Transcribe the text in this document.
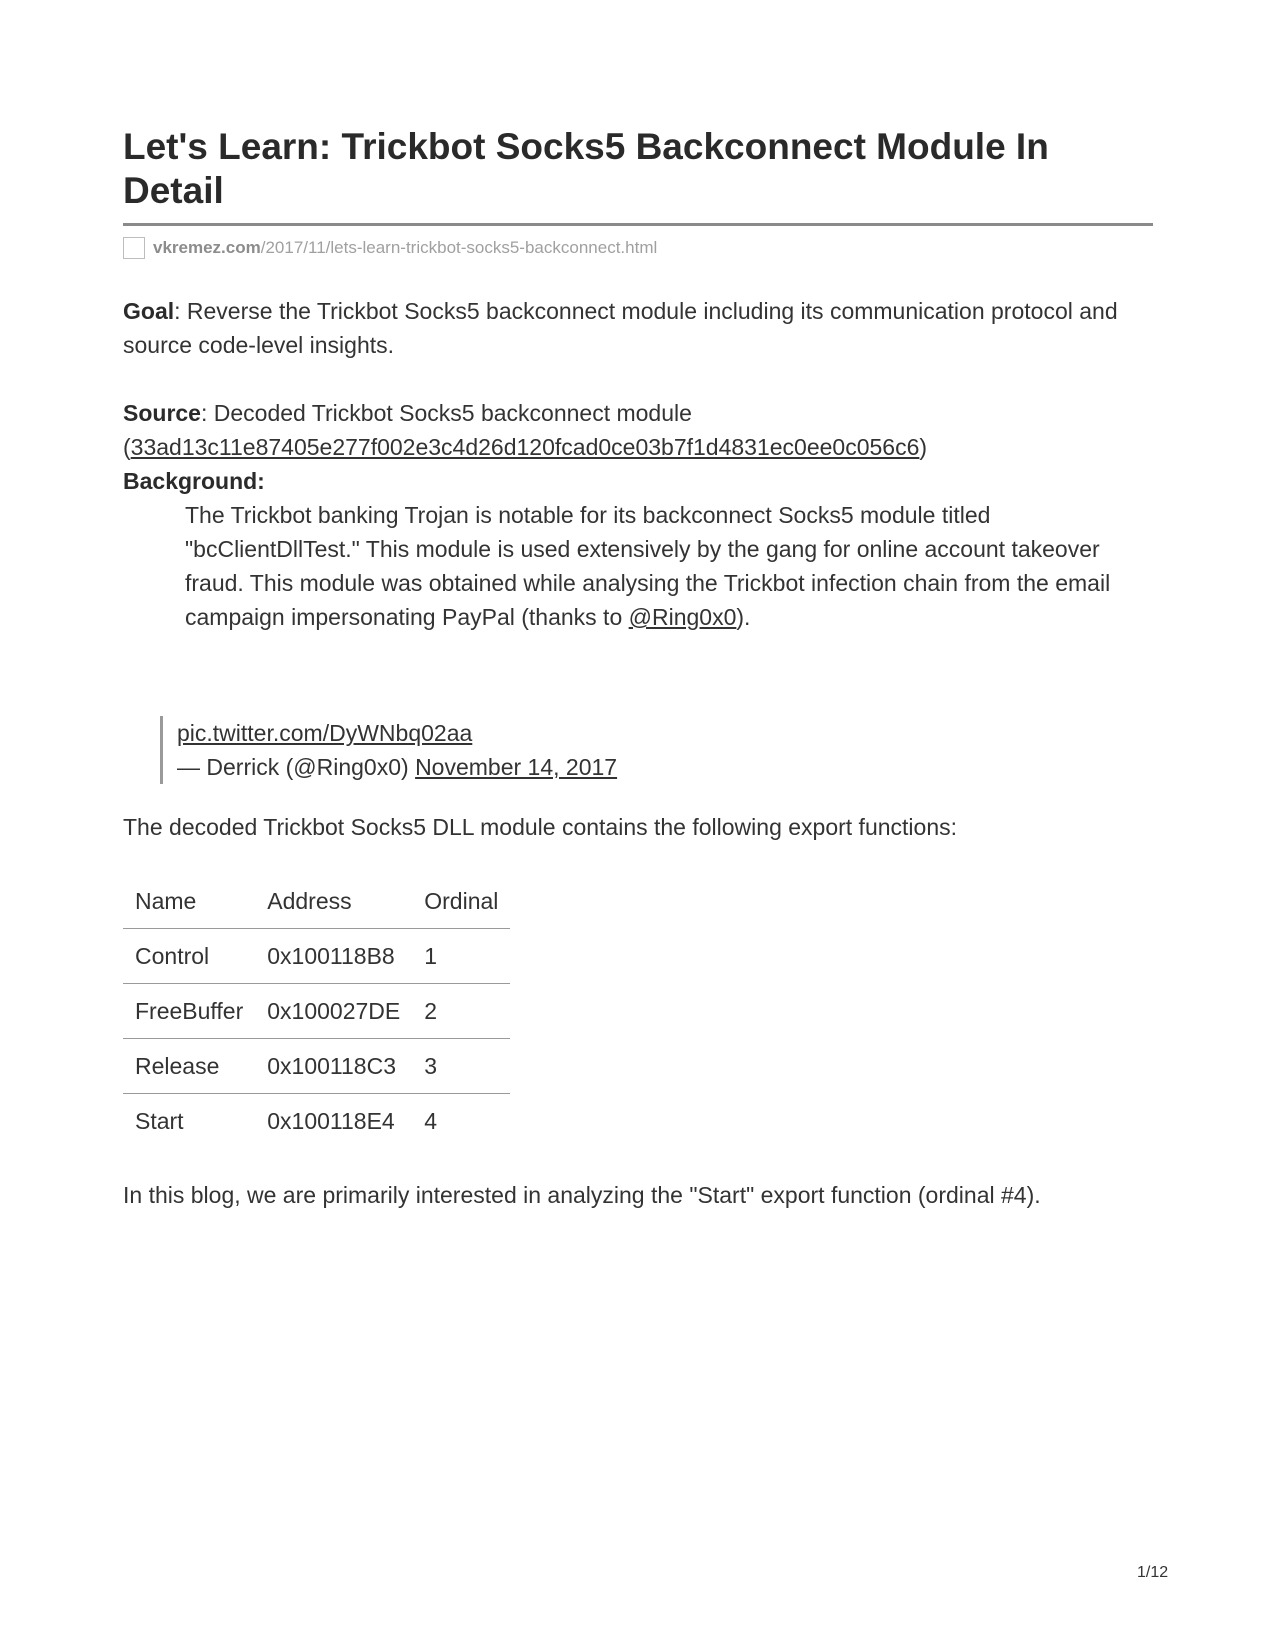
Let's Learn: Trickbot Socks5 Backconnect Module In Detail
vkremez.com /2017/11/lets-learn-trickbot-socks5-backconnect.html

Goal: Reverse the Trickbot Socks5 backconnect module including its communication protocol and source code-level insights.

Source: Decoded Trickbot Socks5 backconnect module
(33ad13c11e87405e277f002e3c4d26d120fcad0ce03b7f1d4831ec0ee0c056c6)

Background:

The Trickbot banking Trojan is notable for its backconnect Socks5 module titled "bcClientDllTest." This module is used extensively by the gang for online account takeover fraud. This module was obtained while analysing the Trickbot infection chain from the email campaign impersonating PayPal (thanks to @Ring0x0).
pic.twitter.com/DyWNbq02aa
— Derrick (@Ring0x0) November 14, 2017

The decoded Trickbot Socks5 DLL module contains the following export functions:

Name	Address	Ordinal
Control	0x100118B8	1
FreeBuffer	0x100027DE	2
Release	0x100118C3	3
Start	0x100118E4	4

In this blog, we are primarily interested in analyzing the "Start" export function (ordinal #4).

1/12
